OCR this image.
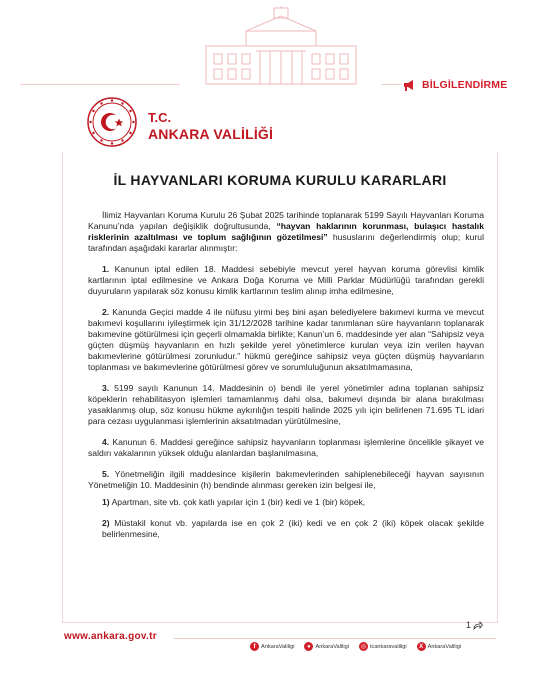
BİLGİLENDİRME
T.C.
ANKARA VALİLİĞİ
İL HAYVANLARI KORUMA KURULU KARARLARI

İlimiz Hayvanları Koruma Kurulu 26 Şubat 2025 tarihinde toplanarak 5199 Sayılı Hayvanları Koruma Kanunu’nda yapılan değişiklik doğrultusunda, “hayvan haklarının korunması, bulaşıcı hastalık risklerinin azaltılması ve toplum sağlığının gözetilmesi” hususlarını değerlendirmiş olup; kurul tarafından aşağıdaki kararlar alınmıştır:

1. Kanunun iptal edilen 18. Maddesi sebebiyle mevcut yerel hayvan koruma görevlisi kimlik kartlarının iptal edilmesine ve Ankara Doğa Koruma ve Milli Parklar Müdürlüğü tarafından gerekli duyuruların yapılarak söz konusu kimlik kartlarının teslim alınıp imha edilmesine,

2. Kanunda Geçici madde 4 ile nüfusu yirmi beş bini aşan belediyelere bakımevi kurma ve mevcut bakımevi koşullarını iyileştirmek için 31/12/2028 tarihine kadar tanımlanan süre hayvanların toplanarak bakımevine götürülmesi için geçerli olmamakla birlikte; Kanun’un 6. maddesinde yer alan “Sahipsiz veya güçten düşmüş hayvanların en hızlı şekilde yerel yönetimlerce kurulan veya izin verilen hayvan bakımevlerine götürülmesi zorunludur.” hükmü gereğince sahipsiz veya güçten düşmüş hayvanların toplanması ve bakımevlerine götürülmesi görev ve sorumluluğunun aksatılmamasına,

3. 5199 sayılı Kanunun 14. Maddesinin o) bendi ile yerel yönetimler adına toplanan sahipsiz köpeklerin rehabilitasyon işlemleri tamamlanmış dahi olsa, bakımevi dışında bir alana bırakılması yasaklanmış olup, söz konusu hükme aykırılığın tespiti halinde 2025 yılı için belirlenen 71.695 TL idari para cezası uygulanması işlemlerinin aksatılmadan yürütülmesine,

4. Kanunun 6. Maddesi gereğince sahipsiz hayvanların toplanması işlemlerine öncelikle şikayet ve saldırı vakalarının yüksek olduğu alanlardan başlanılmasına,

5. Yönetmeliğin ilgili maddesince kişilerin bakımevlerinden sahiplenebileceği hayvan sayısının Yönetmeliğin 10. Maddesinin (h) bendinde alınması gereken izin belgesi ile,

1) Apartman, site vb. çok katlı yapılar için 1 (bir) kedi ve 1 (bir) köpek,

2) Müstakil konut vb. yapılarda ise en çok 2 (iki) kedi ve en çok 2 (iki) köpek olacak şekilde belirlenmesine,

1
www.ankara.gov.tr
f AnkaraValiligi	● AnkaraValiligi	◎ tcankaravaliligi	X AnkaraValiligi
